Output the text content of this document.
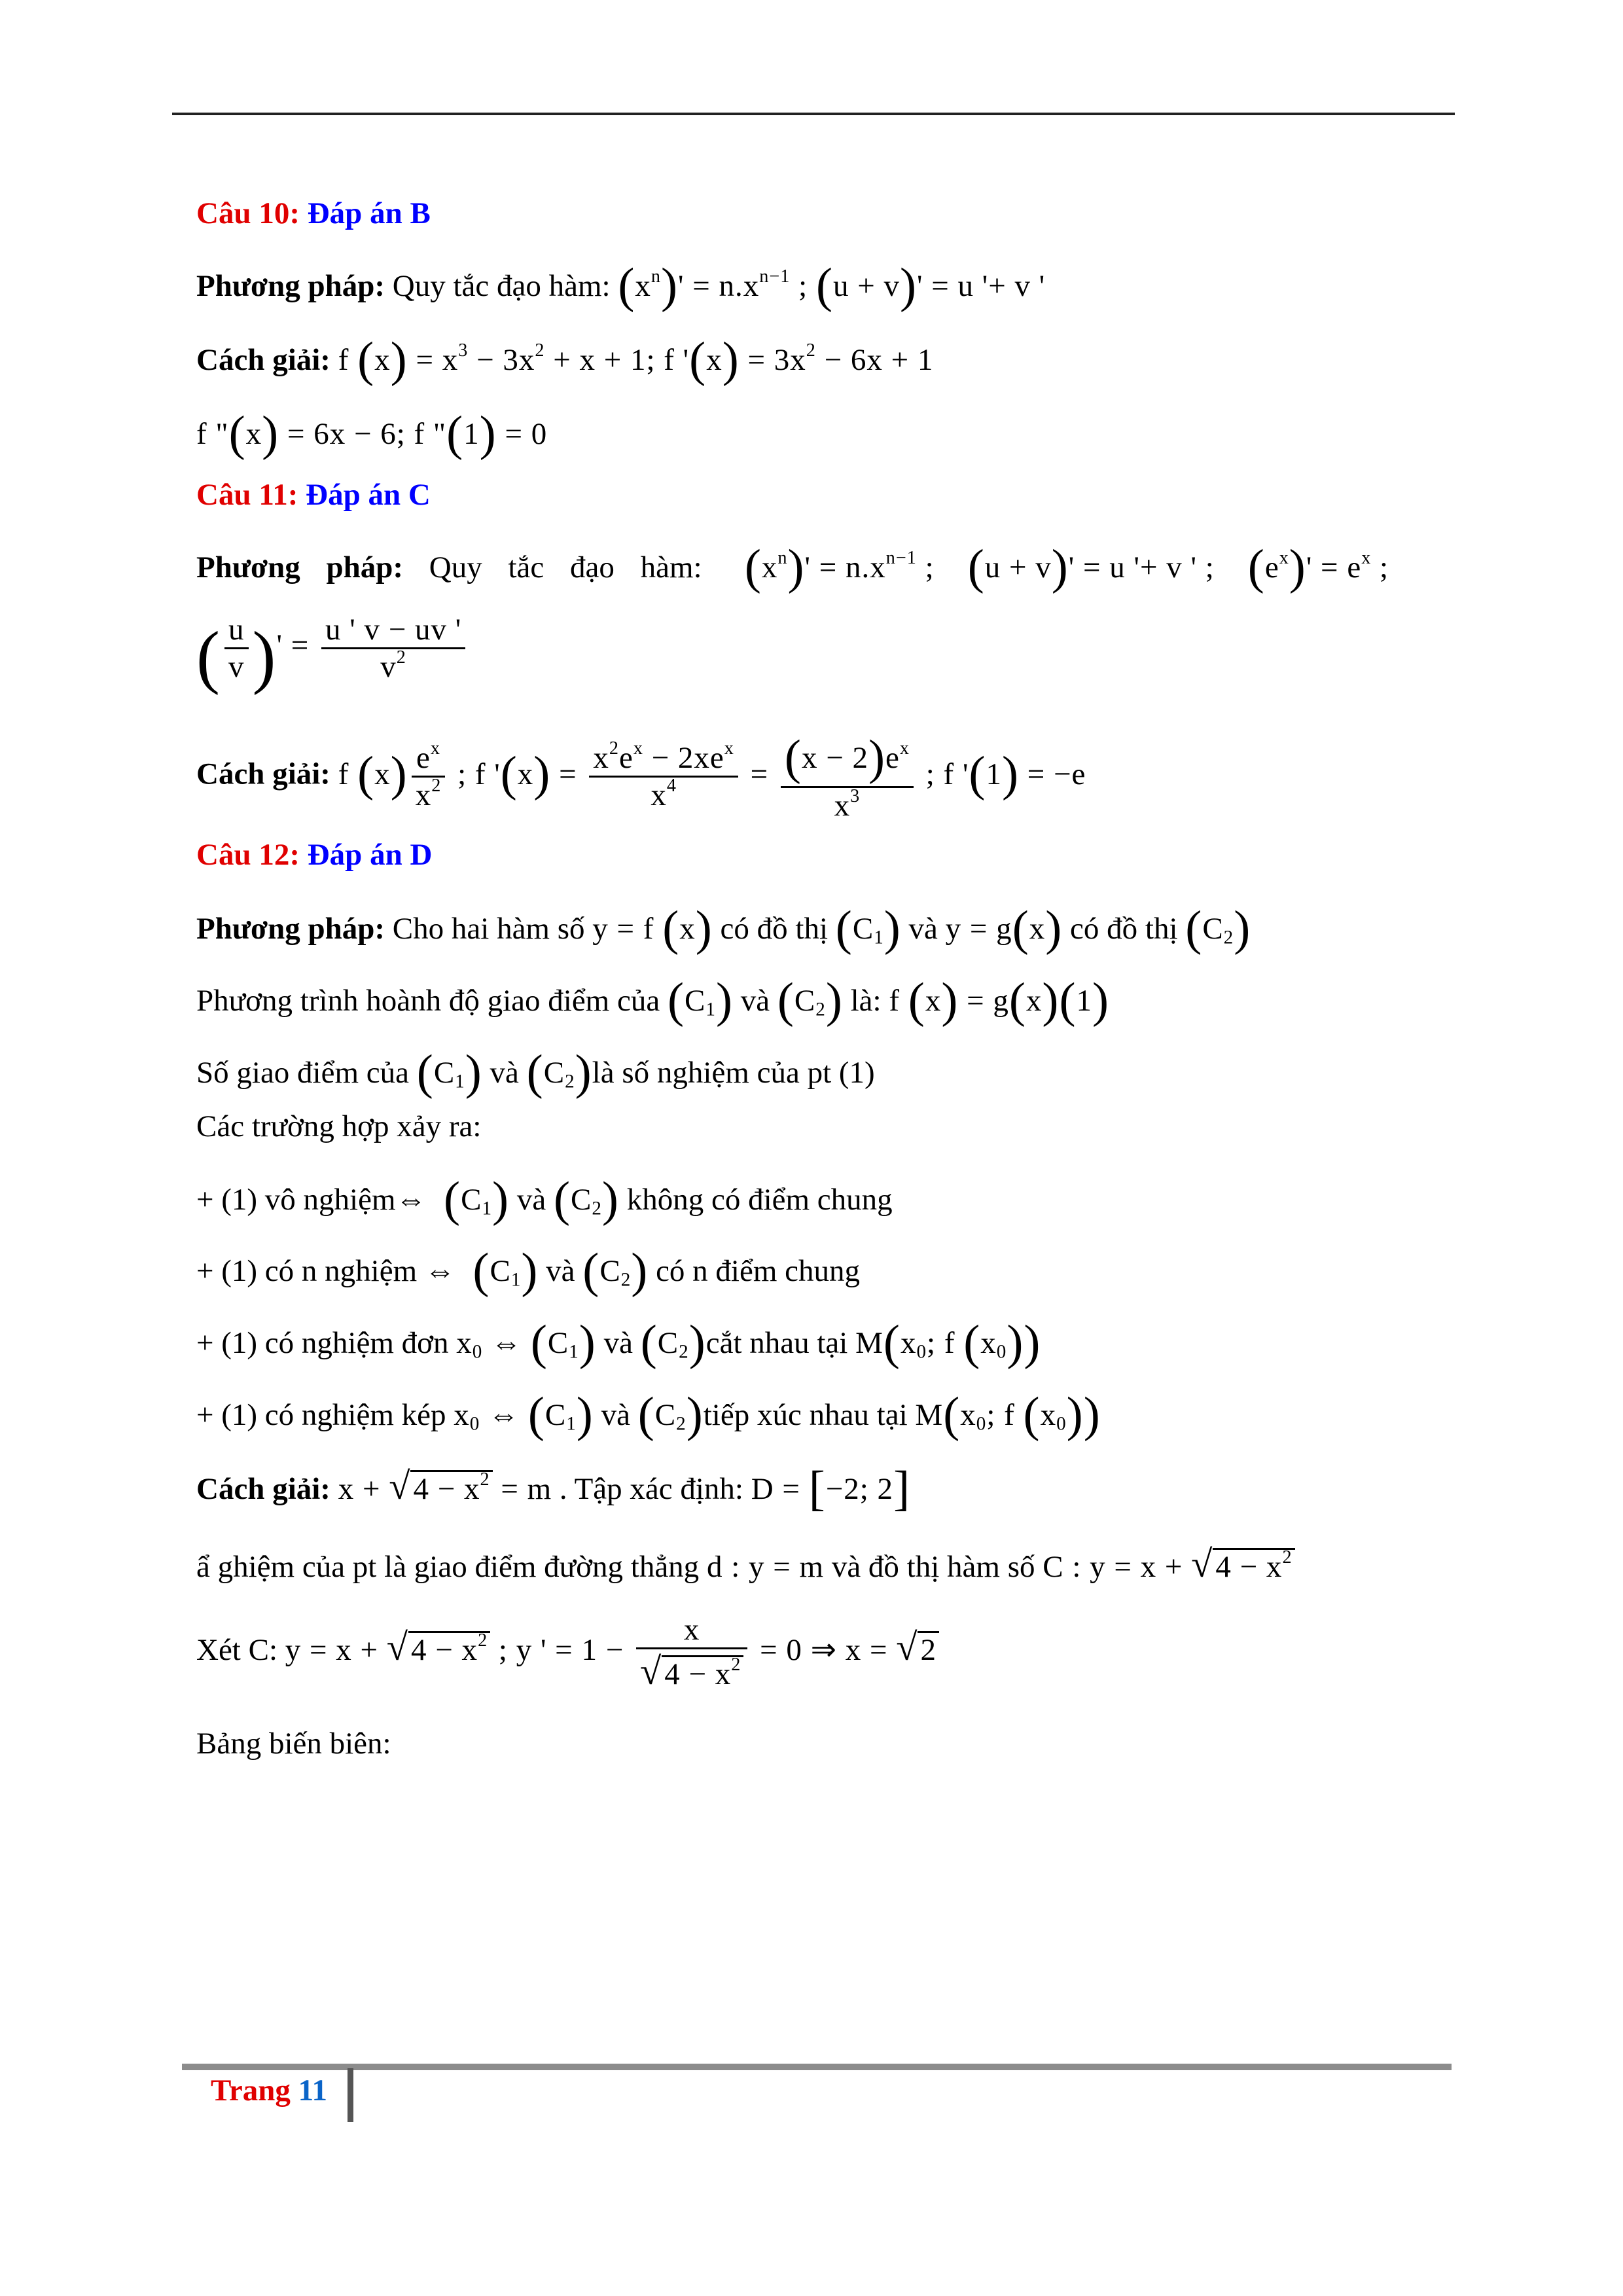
Câu 10: Đáp án B
Phương pháp: Quy tắc đạo hàm: $(x^n)' = n.x^{n-1}$ ; (u + v)' = u '+ v '
Cách giải: f $(x) = x^3 - 3x^2 + x + 1$; f '$(x) = 3x^2 - 6x + 1$
f "(x) = 6x − 6; f "(1) = 0
Câu 11: Đáp án C
Phương pháp: Quy tắc đạo hàm: $(x^n)' = n.x^{n-1}$ ;    (u + v)' = u '+ v ' ;    $(e^x)' = e^x$ ;
( $\frac{u}{v}$ )' = $\frac{u ' v - uv '}{v^2}$
Cách giải: f $(x) \frac{e^x}{x^2}$ ; f '$(x) = \frac{x^2e^x - 2xe^x}{x^4} = \frac{(x - 2)e^x}{x^3}$ ; f '(1) = −e
Câu 12: Đáp án D
Phương pháp: Cho hai hàm số y = f (x) có đồ thị $(C_1)$ và y = g(x) có đồ thị $(C_2)$
Phương trình hoành độ giao điểm của $(C_1)$ và $(C_2)$ là: f (x) = g(x)(1)
Số giao điểm của $(C_1)$ và $(C_2)là$ số nghiệm của pt (1)
Các trường hợp xảy ra:
+ (1) vô nghiệm⇔  $(C_1)$ và $(C_2)$ không có điểm chung
+ (1) có n nghiệm ⇔  $(C_1)$ và $(C_2)$ có n điểm chung
+ (1) có nghiệm đơn $x_0$ ⇔ $(C_1)$ và $(C_2)cắt$ nhau tại $M(x_0$; f $(x_0)$)
+ (1) có nghiệm kép $x_0$ ⇔ $(C_1)$ và $(C_2)tiếp$ xúc nhau tại $M(x_0$; f $(x_0)$)
Cách giải: $x + √4 - x^2 = m$ . Tập xác định: D = [−2; 2]
ẩ ghiệm của pt là giao điểm đường thẳng d : y = m và đồ thị hàm số C : $y = x + √4 - x^2$
Xét C: $y = x + √4 - x^2$ ; y ' = $1 - \frac{x}{√4 - x^2} = 0$ ⇒ x = √2
Bảng biến biên:
Trang 11
